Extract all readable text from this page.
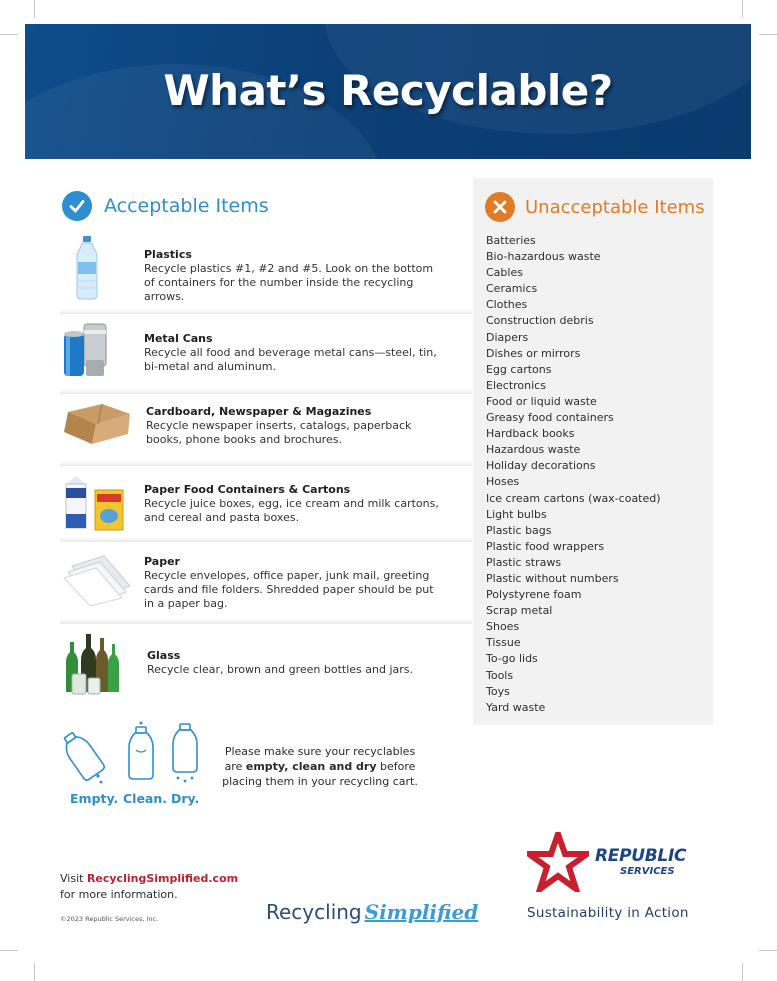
What’s Recyclable?
Acceptable Items
Plastics
Recycle plastics #1, #2 and #5. Look on the bottom of containers for the number inside the recycling arrows.
Metal Cans
Recycle all food and beverage metal cans—steel, tin, bi-metal and aluminum.
Cardboard, Newspaper & Magazines
Recycle newspaper inserts, catalogs, paperback books, phone books and brochures.
Paper Food Containers & Cartons
Recycle juice boxes, egg, ice cream and milk cartons, and cereal and pasta boxes.
Paper
Recycle envelopes, office paper, junk mail, greeting cards and file folders. Shredded paper should be put in a paper bag.
Glass
Recycle clear, brown and green bottles and jars.
Unacceptable Items
Batteries
Bio-hazardous waste
Cables
Ceramics
Clothes
Construction debris
Diapers
Dishes or mirrors
Egg cartons
Electronics
Food or liquid waste
Greasy food containers
Hardback books
Hazardous waste
Holiday decorations
Hoses
Ice cream cartons (wax-coated)
Light bulbs
Plastic bags
Plastic food wrappers
Plastic straws
Plastic without numbers
Polystyrene foam
Scrap metal
Shoes
Tissue
To-go lids
Tools
Toys
Yard waste
Empty. Clean. Dry.
Please make sure your recyclables are empty, clean and dry before placing them in your recycling cart.
Visit RecyclingSimplified.com
for more information.
©2023 Republic Services, Inc.	Recycling Simplified
REPUBLIC
SERVICES
Sustainability in Action
